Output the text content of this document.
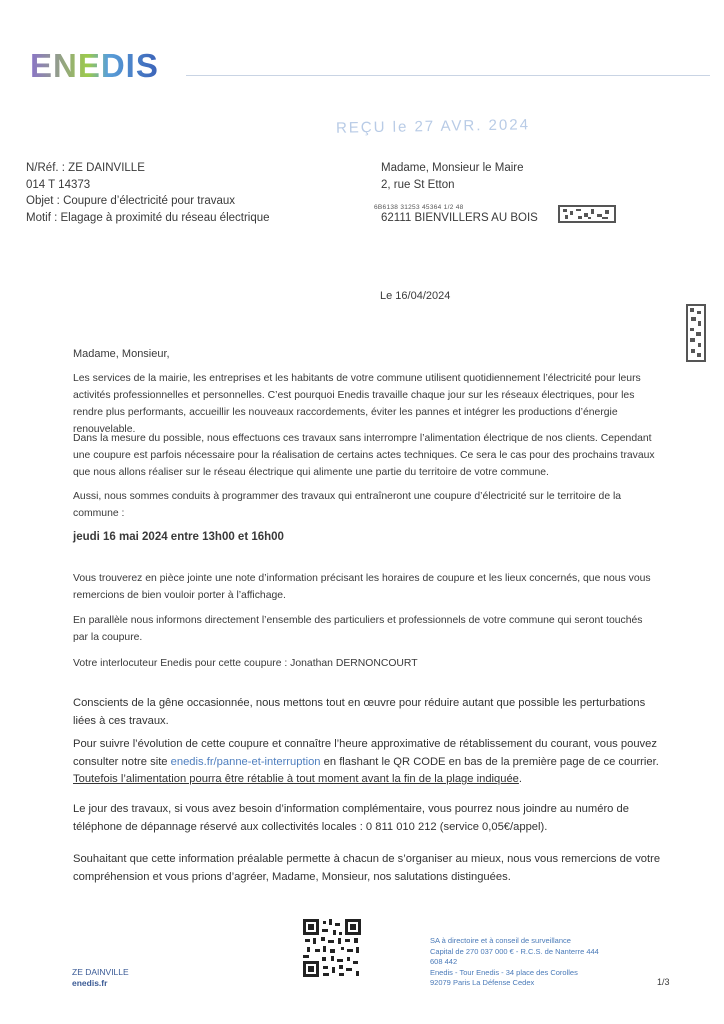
ENEDIS
REÇU le 27 AVR. 2024
N/Réf. : ZE DAINVILLE
014 T 14373
Objet : Coupure d’électricité pour travaux
Motif : Elagage à proximité du réseau électrique
Madame, Monsieur le Maire
2, rue St Etton
62111 BIENVILLERS AU BOIS
6B6138 31253 45364 1/2 48
Le 16/04/2024
Madame, Monsieur,

Les services de la mairie, les entreprises et les habitants de votre commune utilisent quotidiennement l’électricité pour leurs activités professionnelles et personnelles. C’est pourquoi Enedis travaille chaque jour sur les réseaux électriques, pour les rendre plus performants, accueillir les nouveaux raccordements, éviter les pannes et intégrer les productions d’énergie renouvelable.

Dans la mesure du possible, nous effectuons ces travaux sans interrompre l’alimentation électrique de nos clients. Cependant une coupure est parfois nécessaire pour la réalisation de certains actes techniques. Ce sera le cas pour des prochains travaux que nous allons réaliser sur le réseau électrique qui alimente une partie du territoire de votre commune.

Aussi, nous sommes conduits à programmer des travaux qui entraîneront une coupure d’électricité sur le territoire de la commune :

jeudi 16 mai 2024 entre 13h00 et 16h00

Vous trouverez en pièce jointe une note d’information précisant les horaires de coupure et les lieux concernés, que nous vous remercions de bien vouloir porter à l’affichage.

En parallèle nous informons directement l’ensemble des particuliers et professionnels de votre commune qui seront touchés par la coupure.

Votre interlocuteur Enedis pour cette coupure : Jonathan DERNONCOURT

Conscients de la gêne occasionnée, nous mettons tout en œuvre pour réduire autant que possible les perturbations liées à ces travaux.

Pour suivre l’évolution de cette coupure et connaître l’heure approximative de rétablissement du courant, vous pouvez consulter notre site enedis.fr/panne-et-interruption en flashant le QR CODE en bas de la première page de ce courrier. Toutefois l’alimentation pourra être rétablie à tout moment avant la fin de la plage indiquée.

Le jour des travaux, si vous avez besoin d’information complémentaire, vous pourrez nous joindre au numéro de téléphone de dépannage réservé aux collectivités locales : 0 811 010 212 (service 0,05€/appel).

Souhaitant que cette information préalable permette à chacun de s’organiser au mieux, nous vous remercions de votre compréhension et vous prions d’agréer, Madame, Monsieur, nos salutations distinguées.

ZE DAINVILLE
enedis.fr
SA à directoire et à conseil de surveillance
Capital de 270 037 000 € - R.C.S. de Nanterre 444
608 442
Enedis - Tour Enedis - 34 place des Corolles
92079 Paris La Défense Cedex	1/3
